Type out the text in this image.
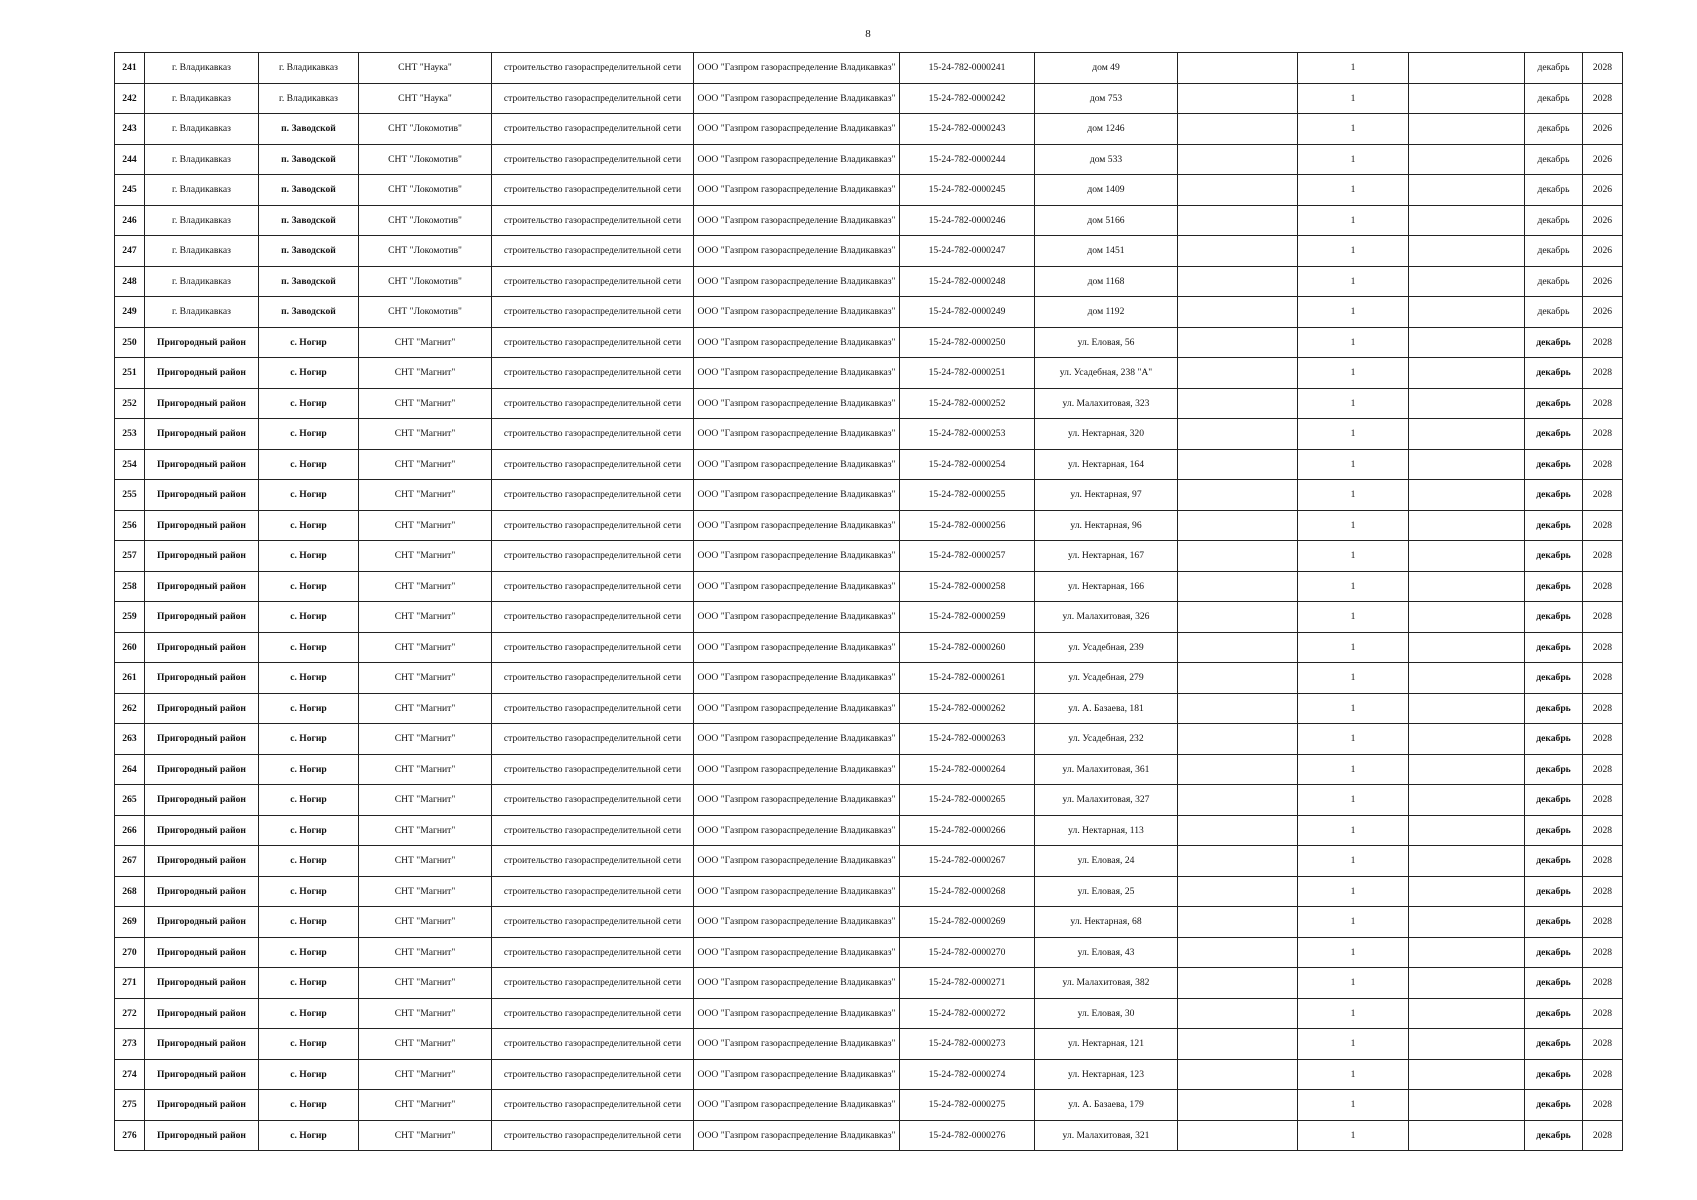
8
241	г. Владикавказ	г. Владикавказ	СНТ "Наука"	строительство газораспределительной сети	ООО "Газпром газораспределение Владикавказ"	15-24-782-0000241	дом 49		1		декабрь	2028
242	г. Владикавказ	г. Владикавказ	СНТ "Наука"	строительство газораспределительной сети	ООО "Газпром газораспределение Владикавказ"	15-24-782-0000242	дом 753		1		декабрь	2028
243	г. Владикавказ	п. Заводской	СНТ "Локомотив"	строительство газораспределительной сети	ООО "Газпром газораспределение Владикавказ"	15-24-782-0000243	дом 1246		1		декабрь	2026
244	г. Владикавказ	п. Заводской	СНТ "Локомотив"	строительство газораспределительной сети	ООО "Газпром газораспределение Владикавказ"	15-24-782-0000244	дом 533		1		декабрь	2026
245	г. Владикавказ	п. Заводской	СНТ "Локомотив"	строительство газораспределительной сети	ООО "Газпром газораспределение Владикавказ"	15-24-782-0000245	дом 1409		1		декабрь	2026
246	г. Владикавказ	п. Заводской	СНТ "Локомотив"	строительство газораспределительной сети	ООО "Газпром газораспределение Владикавказ"	15-24-782-0000246	дом 5166		1		декабрь	2026
247	г. Владикавказ	п. Заводской	СНТ "Локомотив"	строительство газораспределительной сети	ООО "Газпром газораспределение Владикавказ"	15-24-782-0000247	дом 1451		1		декабрь	2026
248	г. Владикавказ	п. Заводской	СНТ "Локомотив"	строительство газораспределительной сети	ООО "Газпром газораспределение Владикавказ"	15-24-782-0000248	дом 1168		1		декабрь	2026
249	г. Владикавказ	п. Заводской	СНТ "Локомотив"	строительство газораспределительной сети	ООО "Газпром газораспределение Владикавказ"	15-24-782-0000249	дом 1192		1		декабрь	2026
250	Пригородный район	с. Ногир	СНТ "Магнит"	строительство газораспределительной сети	ООО "Газпром газораспределение Владикавказ"	15-24-782-0000250	ул. Еловая, 56		1		декабрь	2028
251	Пригородный район	с. Ногир	СНТ "Магнит"	строительство газораспределительной сети	ООО "Газпром газораспределение Владикавказ"	15-24-782-0000251	ул. Усадебная, 238 "А"		1		декабрь	2028
252	Пригородный район	с. Ногир	СНТ "Магнит"	строительство газораспределительной сети	ООО "Газпром газораспределение Владикавказ"	15-24-782-0000252	ул. Малахитовая, 323		1		декабрь	2028
253	Пригородный район	с. Ногир	СНТ "Магнит"	строительство газораспределительной сети	ООО "Газпром газораспределение Владикавказ"	15-24-782-0000253	ул. Нектарная, 320		1		декабрь	2028
254	Пригородный район	с. Ногир	СНТ "Магнит"	строительство газораспределительной сети	ООО "Газпром газораспределение Владикавказ"	15-24-782-0000254	ул. Нектарная, 164		1		декабрь	2028
255	Пригородный район	с. Ногир	СНТ "Магнит"	строительство газораспределительной сети	ООО "Газпром газораспределение Владикавказ"	15-24-782-0000255	ул. Нектарная, 97		1		декабрь	2028
256	Пригородный район	с. Ногир	СНТ "Магнит"	строительство газораспределительной сети	ООО "Газпром газораспределение Владикавказ"	15-24-782-0000256	ул. Нектарная, 96		1		декабрь	2028
257	Пригородный район	с. Ногир	СНТ "Магнит"	строительство газораспределительной сети	ООО "Газпром газораспределение Владикавказ"	15-24-782-0000257	ул. Нектарная, 167		1		декабрь	2028
258	Пригородный район	с. Ногир	СНТ "Магнит"	строительство газораспределительной сети	ООО "Газпром газораспределение Владикавказ"	15-24-782-0000258	ул. Нектарная, 166		1		декабрь	2028
259	Пригородный район	с. Ногир	СНТ "Магнит"	строительство газораспределительной сети	ООО "Газпром газораспределение Владикавказ"	15-24-782-0000259	ул. Малахитовая, 326		1		декабрь	2028
260	Пригородный район	с. Ногир	СНТ "Магнит"	строительство газораспределительной сети	ООО "Газпром газораспределение Владикавказ"	15-24-782-0000260	ул. Усадебная, 239		1		декабрь	2028
261	Пригородный район	с. Ногир	СНТ "Магнит"	строительство газораспределительной сети	ООО "Газпром газораспределение Владикавказ"	15-24-782-0000261	ул. Усадебная, 279		1		декабрь	2028
262	Пригородный район	с. Ногир	СНТ "Магнит"	строительство газораспределительной сети	ООО "Газпром газораспределение Владикавказ"	15-24-782-0000262	ул. А. Базаева, 181		1		декабрь	2028
263	Пригородный район	с. Ногир	СНТ "Магнит"	строительство газораспределительной сети	ООО "Газпром газораспределение Владикавказ"	15-24-782-0000263	ул. Усадебная, 232		1		декабрь	2028
264	Пригородный район	с. Ногир	СНТ "Магнит"	строительство газораспределительной сети	ООО "Газпром газораспределение Владикавказ"	15-24-782-0000264	ул. Малахитовая, 361		1		декабрь	2028
265	Пригородный район	с. Ногир	СНТ "Магнит"	строительство газораспределительной сети	ООО "Газпром газораспределение Владикавказ"	15-24-782-0000265	ул. Малахитовая, 327		1		декабрь	2028
266	Пригородный район	с. Ногир	СНТ "Магнит"	строительство газораспределительной сети	ООО "Газпром газораспределение Владикавказ"	15-24-782-0000266	ул. Нектарная, 113		1		декабрь	2028
267	Пригородный район	с. Ногир	СНТ "Магнит"	строительство газораспределительной сети	ООО "Газпром газораспределение Владикавказ"	15-24-782-0000267	ул. Еловая, 24		1		декабрь	2028
268	Пригородный район	с. Ногир	СНТ "Магнит"	строительство газораспределительной сети	ООО "Газпром газораспределение Владикавказ"	15-24-782-0000268	ул. Еловая, 25		1		декабрь	2028
269	Пригородный район	с. Ногир	СНТ "Магнит"	строительство газораспределительной сети	ООО "Газпром газораспределение Владикавказ"	15-24-782-0000269	ул. Нектарная, 68		1		декабрь	2028
270	Пригородный район	с. Ногир	СНТ "Магнит"	строительство газораспределительной сети	ООО "Газпром газораспределение Владикавказ"	15-24-782-0000270	ул. Еловая, 43		1		декабрь	2028
271	Пригородный район	с. Ногир	СНТ "Магнит"	строительство газораспределительной сети	ООО "Газпром газораспределение Владикавказ"	15-24-782-0000271	ул. Малахитовая, 382		1		декабрь	2028
272	Пригородный район	с. Ногир	СНТ "Магнит"	строительство газораспределительной сети	ООО "Газпром газораспределение Владикавказ"	15-24-782-0000272	ул. Еловая, 30		1		декабрь	2028
273	Пригородный район	с. Ногир	СНТ "Магнит"	строительство газораспределительной сети	ООО "Газпром газораспределение Владикавказ"	15-24-782-0000273	ул. Нектарная, 121		1		декабрь	2028
274	Пригородный район	с. Ногир	СНТ "Магнит"	строительство газораспределительной сети	ООО "Газпром газораспределение Владикавказ"	15-24-782-0000274	ул. Нектарная, 123		1		декабрь	2028
275	Пригородный район	с. Ногир	СНТ "Магнит"	строительство газораспределительной сети	ООО "Газпром газораспределение Владикавказ"	15-24-782-0000275	ул. А. Базаева, 179		1		декабрь	2028
276	Пригородный район	с. Ногир	СНТ "Магнит"	строительство газораспределительной сети	ООО "Газпром газораспределение Владикавказ"	15-24-782-0000276	ул. Малахитовая, 321		1		декабрь	2028
